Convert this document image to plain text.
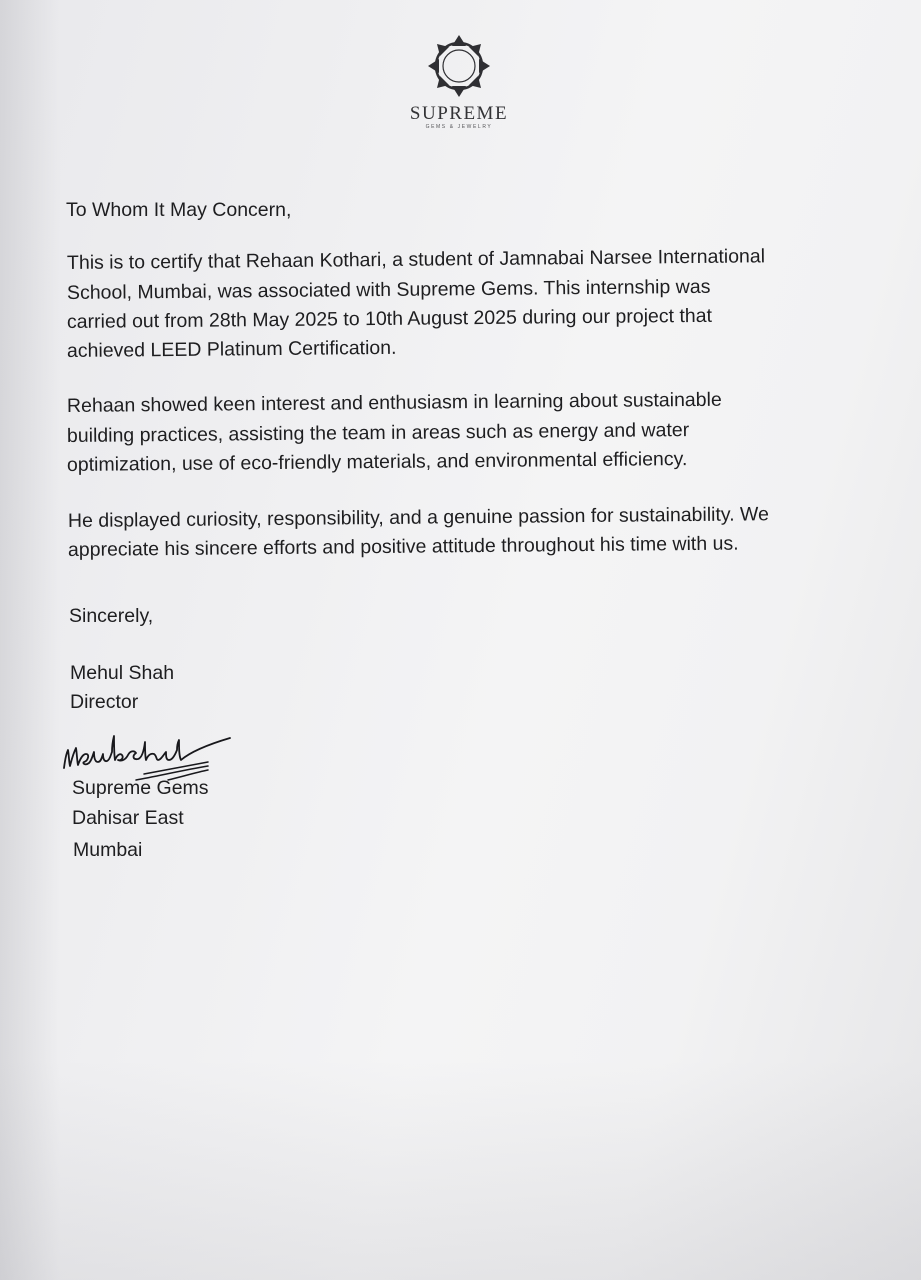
SUPREME
GEMS & JEWELRY
To Whom It May Concern,
This is to certify that Rehaan Kothari, a student of Jamnabai Narsee International
School, Mumbai, was associated with Supreme Gems. This internship was
carried out from 28th May 2025 to 10th August 2025 during our project that
achieved LEED Platinum Certification.
Rehaan showed keen interest and enthusiasm in learning about sustainable
building practices, assisting the team in areas such as energy and water
optimization, use of eco-friendly materials, and environmental efficiency.
He displayed curiosity, responsibility, and a genuine passion for sustainability. We
appreciate his sincere efforts and positive attitude throughout his time with us.
Sincerely,
Mehul Shah
Director
Supreme Gems
Dahisar East
Mumbai
